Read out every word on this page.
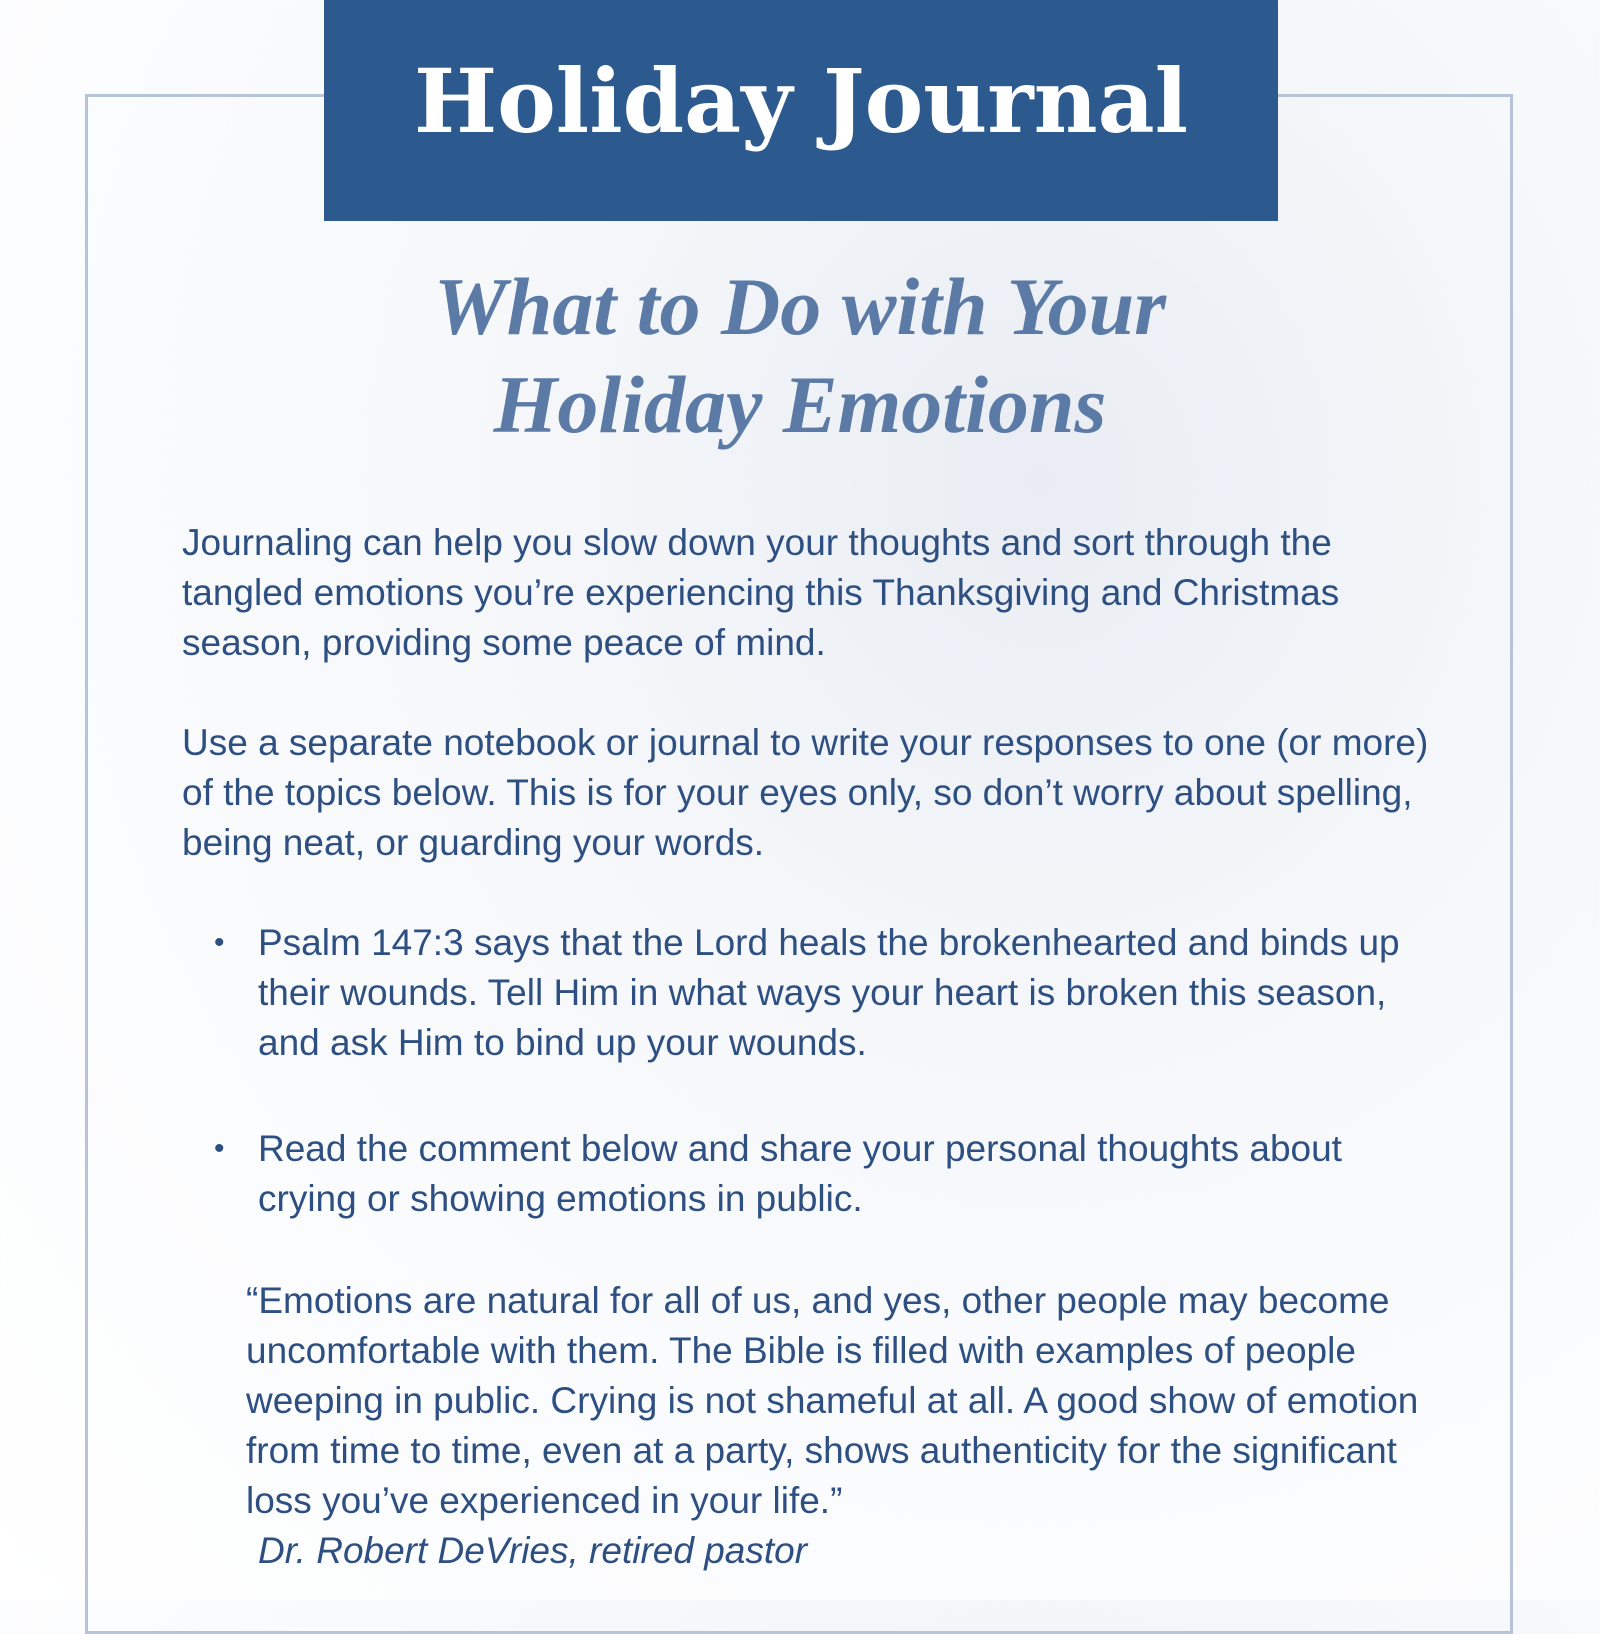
Holiday Journal
What to Do with Your
Holiday Emotions

Journaling can help you slow down your thoughts and sort through the tangled emotions you’re experiencing this Thanksgiving and Christmas season, providing some peace of mind.

Use a separate notebook or journal to write your responses to one (or more) of the topics below. This is for your eyes only, so don’t worry about spelling, being neat, or guarding your words.

• Psalm 147:3 says that the Lord heals the brokenhearted and binds up their wounds. Tell Him in what ways your heart is broken this season, and ask Him to bind up your wounds.
• Read the comment below and share your personal thoughts about crying or showing emotions in public.
“Emotions are natural for all of us, and yes, other people may become uncomfortable with them. The Bible is filled with examples of people weeping in public. Crying is not shameful at all. A good show of emotion from time to time, even at a party, shows authenticity for the significant loss you’ve experienced in your life.”
Dr. Robert DeVries, retired pastor
